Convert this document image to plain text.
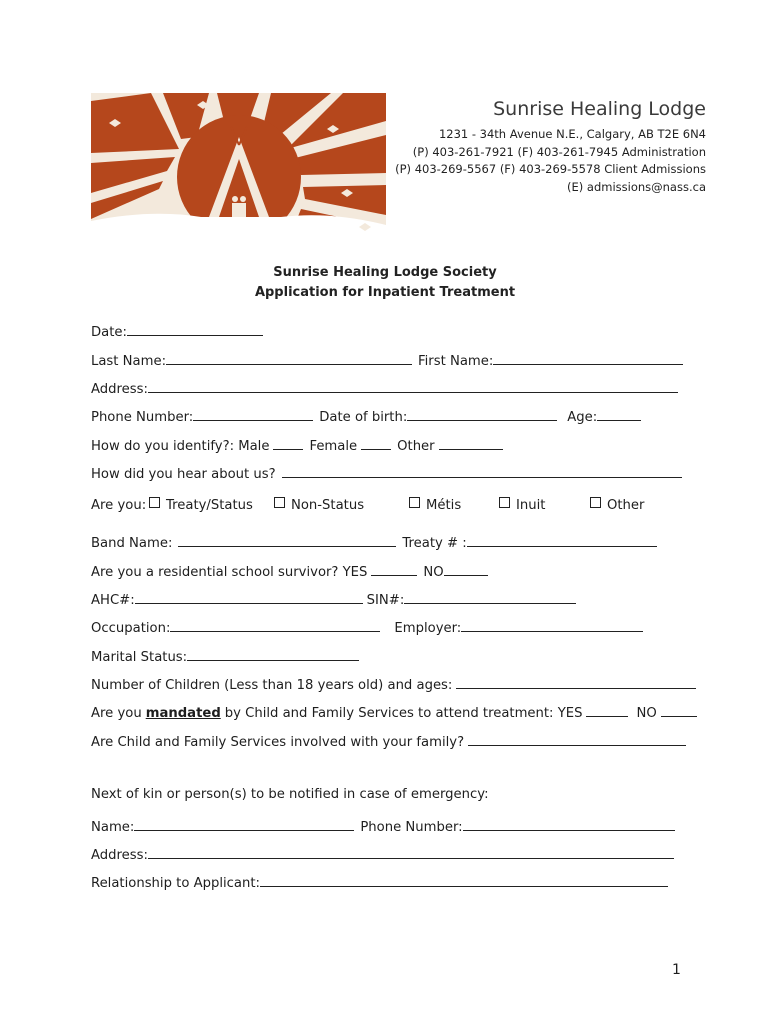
Sunrise Healing Lodge
1231 - 34th Avenue N.E., Calgary, AB T2E 6N4
(P) 403-261-7921 (F) 403-261-7945 Administration
(P) 403-269-5567 (F) 403-269-5578 Client Admissions
(E) admissions@nass.ca
Sunrise Healing Lodge Society
Application for Inpatient Treatment
Date:
Last Name:	First Name:
Address:
Phone Number:	Date of birth:	Age:
How do you identify?: Male	Female	Other
How did you hear about us?
Are you: Treaty/Status	Non-Status	Métis	Inuit	Other
Band Name:	Treaty # :
Are you a residential school survivor? YES	NO
AHC#:	SIN#:
Occupation:	Employer:
Marital Status:
Number of Children (Less than 18 years old) and ages:
Are you mandated by Child and Family Services to attend treatment: YES	NO
Are Child and Family Services involved with your family?
Next of kin or person(s) to be notified in case of emergency:
Name:	Phone Number:
Address:
Relationship to Applicant:
1
